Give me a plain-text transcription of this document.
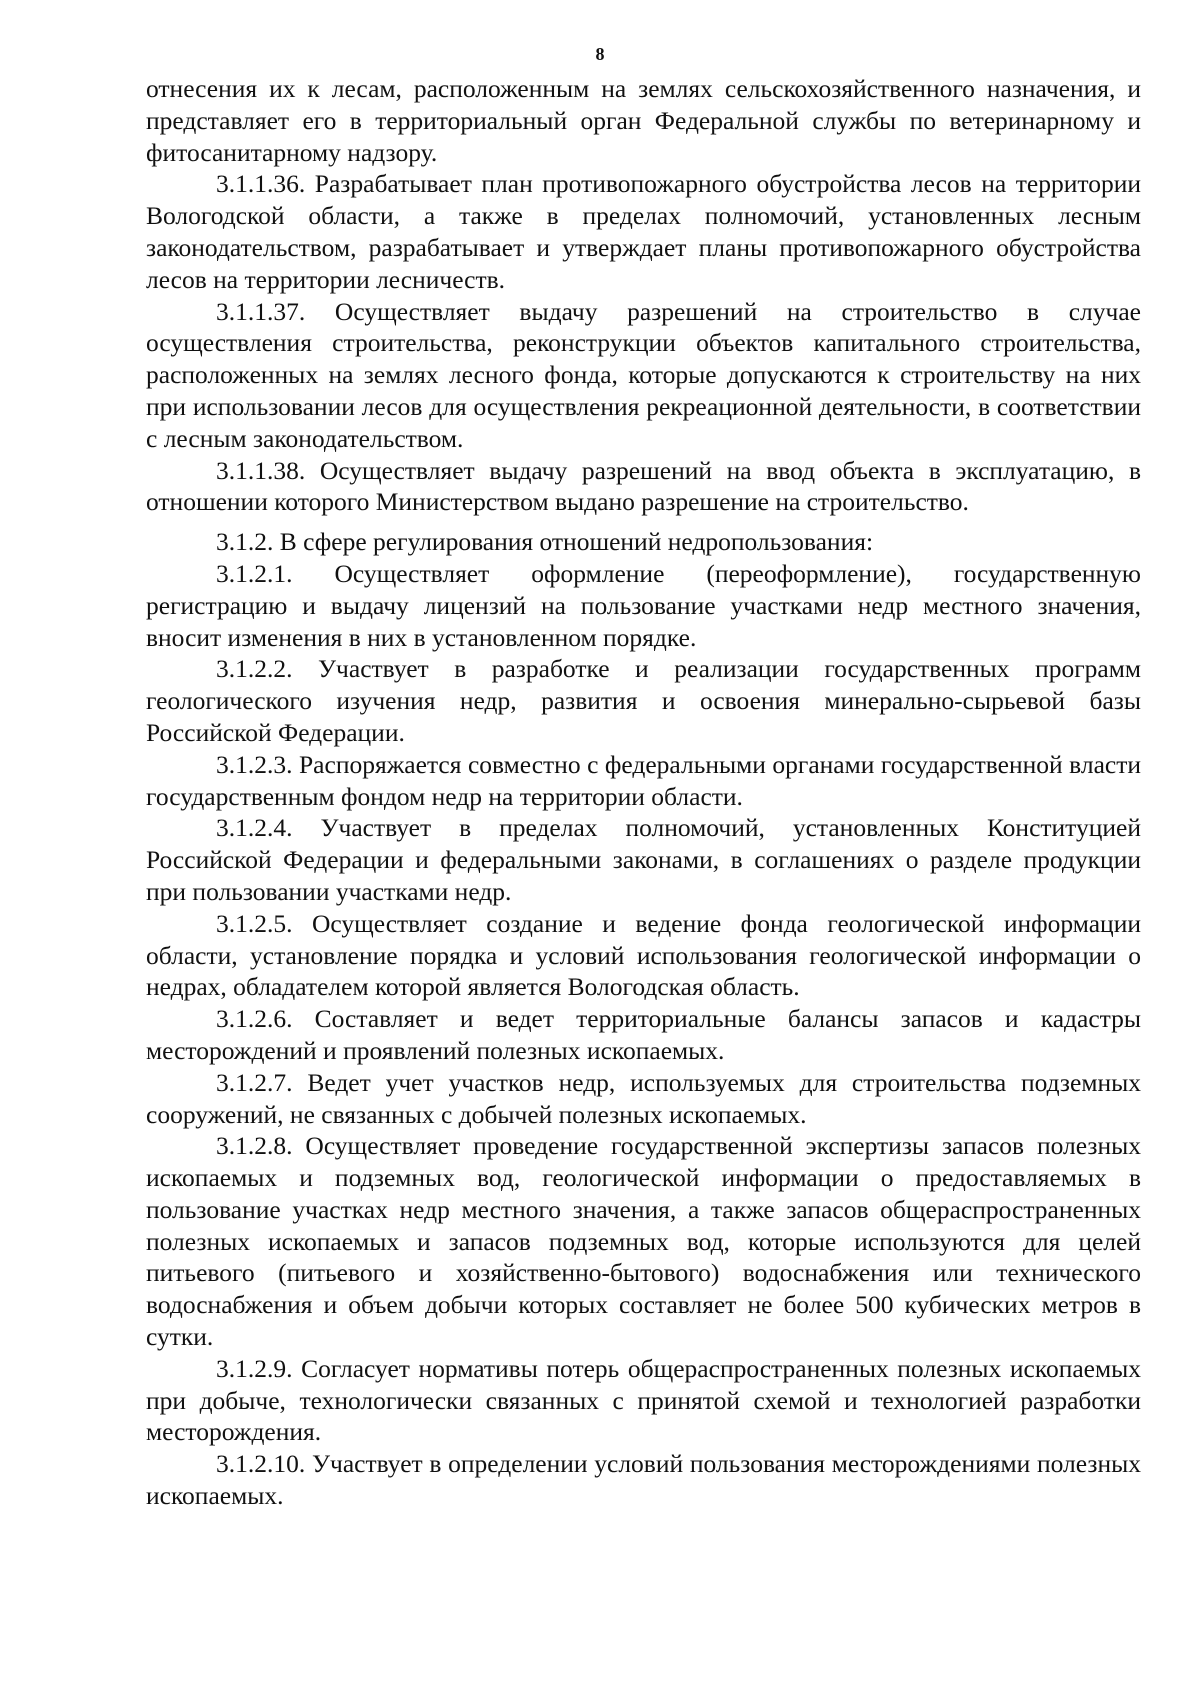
8

отнесения их к лесам, расположенным на землях сельскохозяйственного назначения, и представляет его в территориальный орган Федеральной службы по ветеринарному и фитосанитарному надзору.

3.1.1.36. Разрабатывает план противопожарного обустройства лесов на территории Вологодской области, а также в пределах полномочий, установленных лесным законодательством, разрабатывает и утверждает планы противопожарного обустройства лесов на территории лесничеств.

3.1.1.37. Осуществляет выдачу разрешений на строительство в случае осуществления строительства, реконструкции объектов капитального строительства, расположенных на землях лесного фонда, которые допускаются к строительству на них при использовании лесов для осуществления рекреационной деятельности, в соответствии с лесным законодательством.

3.1.1.38. Осуществляет выдачу разрешений на ввод объекта в эксплуатацию, в отношении которого Министерством выдано разрешение на строительство.

3.1.2. В сфере регулирования отношений недропользования:

3.1.2.1. Осуществляет оформление (переоформление), государственную регистрацию и выдачу лицензий на пользование участками недр местного значения, вносит изменения в них в установленном порядке.

3.1.2.2. Участвует в разработке и реализации государственных программ геологического изучения недр, развития и освоения минерально-сырьевой базы Российской Федерации.

3.1.2.3. Распоряжается совместно с федеральными органами государственной власти государственным фондом недр на территории области.

3.1.2.4. Участвует в пределах полномочий, установленных Конституцией Российской Федерации и федеральными законами, в соглашениях о разделе продукции при пользовании участками недр.

3.1.2.5. Осуществляет создание и ведение фонда геологической информации области, установление порядка и условий использования геологической информации о недрах, обладателем которой является Вологодская область.

3.1.2.6. Составляет и ведет территориальные балансы запасов и кадастры месторождений и проявлений полезных ископаемых.

3.1.2.7. Ведет учет участков недр, используемых для строительства подземных сооружений, не связанных с добычей полезных ископаемых.

3.1.2.8. Осуществляет проведение государственной экспертизы запасов полезных ископаемых и подземных вод, геологической информации о предоставляемых в пользование участках недр местного значения, а также запасов общераспространенных полезных ископаемых и запасов подземных вод, которые используются для целей питьевого (питьевого и хозяйственно-бытового) водоснабжения или технического водоснабжения и объем добычи которых составляет не более 500 кубических метров в сутки.

3.1.2.9. Согласует нормативы потерь общераспространенных полезных ископаемых при добыче, технологически связанных с принятой схемой и технологией разработки месторождения.

3.1.2.10. Участвует в определении условий пользования месторождениями полезных ископаемых.
